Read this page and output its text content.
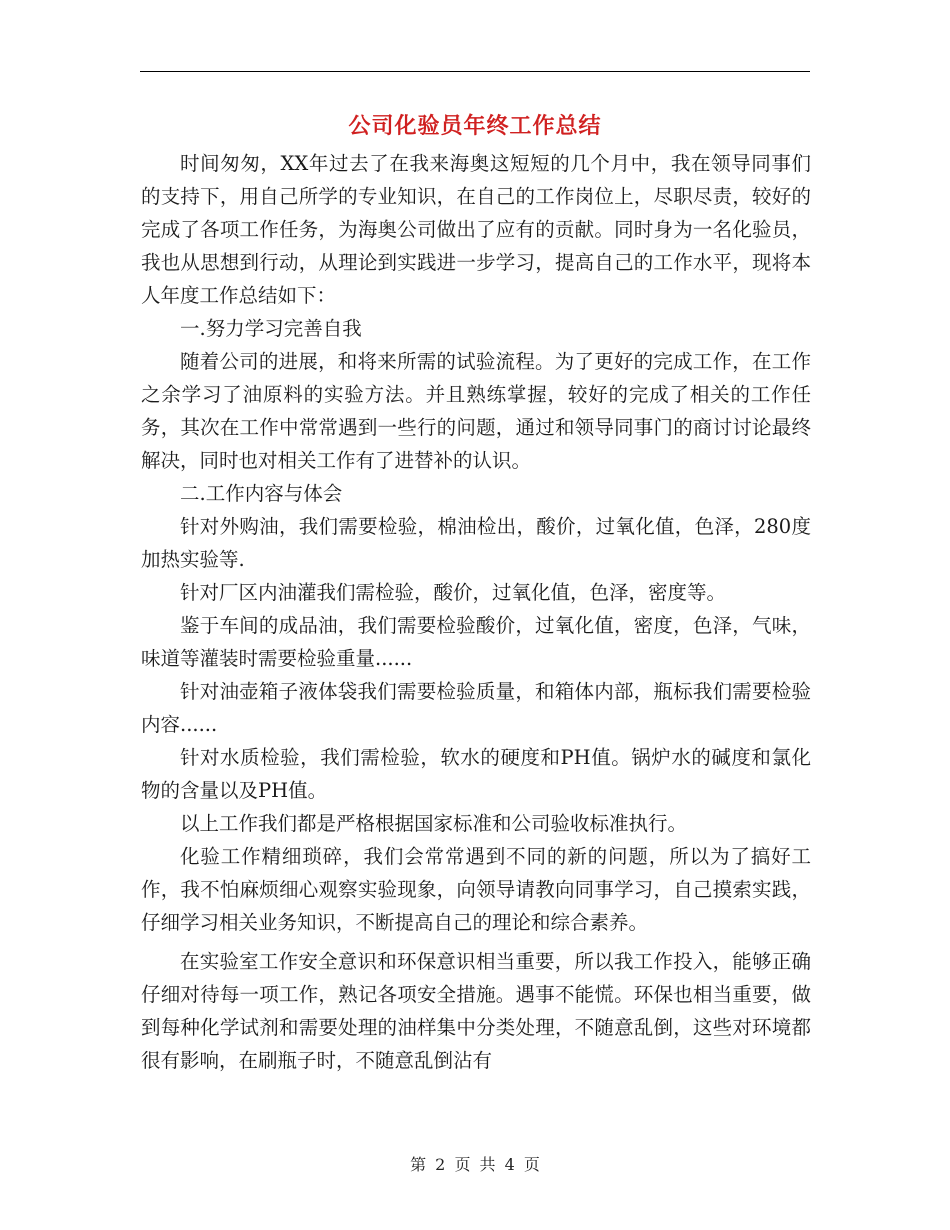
公司化验员年终工作总结

时间匆匆，XX年过去了在我来海奥这短短的几个月中，我在领导同事们的支持下，用自己所学的专业知识，在自己的工作岗位上，尽职尽责，较好的完成了各项工作任务，为海奥公司做出了应有的贡献。同时身为一名化验员，我也从思想到行动，从理论到实践进一步学习，提高自己的工作水平，现将本人年度工作总结如下：

一.努力学习完善自我

随着公司的进展，和将来所需的试验流程。为了更好的完成工作，在工作之余学习了油原料的实验方法。并且熟练掌握，较好的完成了相关的工作任务，其次在工作中常常遇到一些行的问题，通过和领导同事门的商讨讨论最终解决，同时也对相关工作有了进替补的认识。

二.工作内容与体会

针对外购油，我们需要检验，棉油检出，酸价，过氧化值，色泽，280度加热实验等.

针对厂区内油灌我们需检验，酸价，过氧化值，色泽，密度等。

鉴于车间的成品油，我们需要检验酸价，过氧化值，密度，色泽，气味，味道等灌装时需要检验重量......

针对油壶箱子液体袋我们需要检验质量，和箱体内部，瓶标我们需要检验内容......

针对水质检验，我们需检验，软水的硬度和PH值。锅炉水的碱度和氯化物的含量以及PH值。

以上工作我们都是严格根据国家标准和公司验收标准执行。

化验工作精细琐碎，我们会常常遇到不同的新的问题，所以为了搞好工作，我不怕麻烦细心观察实验现象，向领导请教向同事学习，自己摸索实践，仔细学习相关业务知识，不断提高自己的理论和综合素养。

在实验室工作安全意识和环保意识相当重要，所以我工作投入，能够正确仔细对待每一项工作，熟记各项安全措施。遇事不能慌。环保也相当重要，做到每种化学试剂和需要处理的油样集中分类处理，不随意乱倒，这些对环境都很有影响，在刷瓶子时，不随意乱倒沾有

第 2 页 共 4 页
